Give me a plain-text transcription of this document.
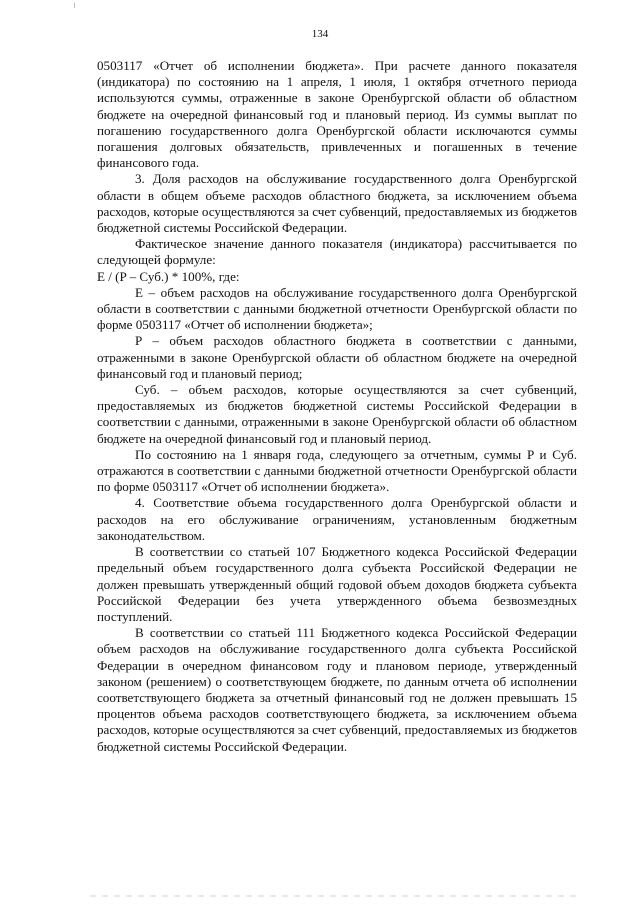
134

0503117 «Отчет об исполнении бюджета». При расчете данного показателя (индикатора) по состоянию на 1 апреля, 1 июля, 1 октября отчетного периода используются суммы, отраженные в законе Оренбургской области об областном бюджете на очередной финансовый год и плановый период. Из суммы выплат по погашению государственного долга Оренбургской области исключаются суммы погашения долговых обязательств, привлеченных и погашенных в течение финансового года.

3. Доля расходов на обслуживание государственного долга Оренбургской области в общем объеме расходов областного бюджета, за исключением объема расходов, которые осуществляются за счет субвенций, предоставляемых из бюджетов бюджетной системы Российской Федерации.

Фактическое значение данного показателя (индикатора) рассчитывается по следующей формуле:

E / (P – Суб.) * 100%, где:

E – объем расходов на обслуживание государственного долга Оренбургской области в соответствии с данными бюджетной отчетности Оренбургской области по форме 0503117 «Отчет об исполнении бюджета»;

P – объем расходов областного бюджета в соответствии с данными, отраженными в законе Оренбургской области об областном бюджете на очередной финансовый год и плановый период;

Суб. – объем расходов, которые осуществляются за счет субвенций, предоставляемых из бюджетов бюджетной системы Российской Федерации в соответствии с данными, отраженными в законе Оренбургской области об областном бюджете на очередной финансовый год и плановый период.

По состоянию на 1 января года, следующего за отчетным, суммы P и Суб. отражаются в соответствии с данными бюджетной отчетности Оренбургской области по форме 0503117 «Отчет об исполнении бюджета».

4. Соответствие объема государственного долга Оренбургской области и расходов на его обслуживание ограничениям, установленным бюджетным законодательством.

В соответствии со статьей 107 Бюджетного кодекса Российской Федерации предельный объем государственного долга субъекта Российской Федерации не должен превышать утвержденный общий годовой объем доходов бюджета субъекта Российской Федерации без учета утвержденного объема безвозмездных поступлений.

В соответствии со статьей 111 Бюджетного кодекса Российской Федерации объем расходов на обслуживание государственного долга субъекта Российской Федерации в очередном финансовом году и плановом периоде, утвержденный законом (решением) о соответствующем бюджете, по данным отчета об исполнении соответствующего бюджета за отчетный финансовый год не должен превышать 15 процентов объема расходов соответствующего бюджета, за исключением объема расходов, которые осуществляются за счет субвенций, предоставляемых из бюджетов бюджетной системы Российской Федерации.
